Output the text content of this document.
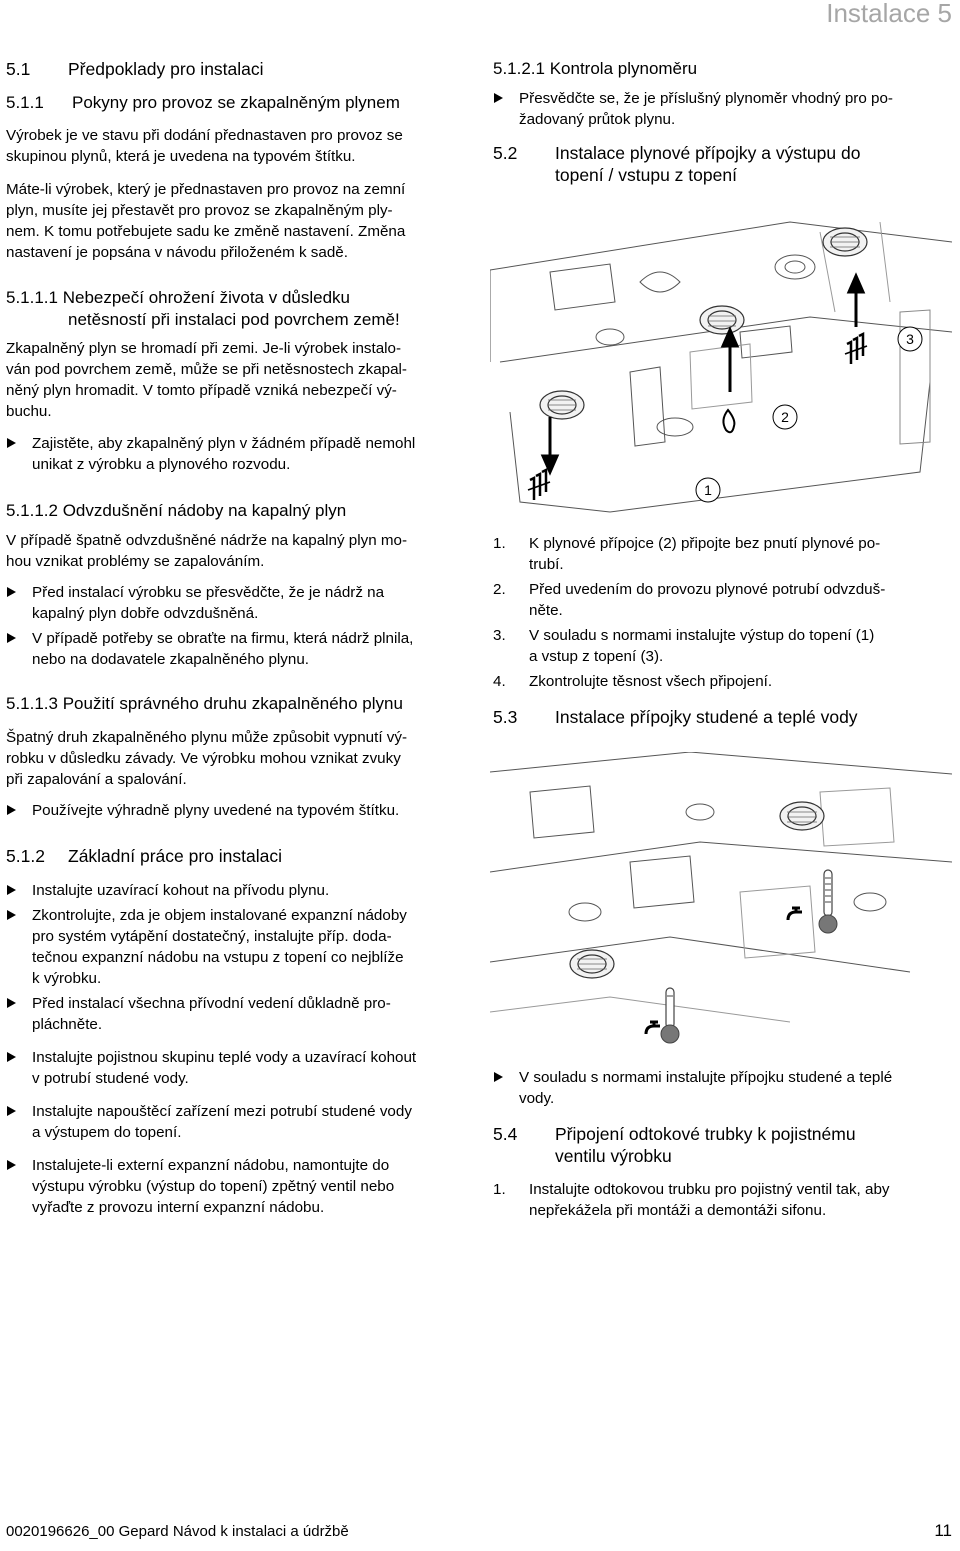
Instalace 5
5.1	Předpoklady pro instalaci
5.1.1	Pokyny pro provoz se zkapalněným plynem

Výrobek je ve stavu při dodání přednastaven pro provoz se
skupinou plynů, která je uvedena na typovém štítku.

Máte-li výrobek, který je přednastaven pro provoz na zemní
plyn, musíte jej přestavět pro provoz se zkapalněným ply-
nem. K tomu potřebujete sadu ke změně nastavení. Změna
nastavení je popsána v návodu přiloženém k sadě.

5.1.1.1 Nebezpečí ohrožení života v důsledku
netěsností při instalaci pod povrchem země!

Zkapalněný plyn se hromadí při zemi. Je-li výrobek instalo-
ván pod povrchem země, může se při netěsnostech zkapal-
něný plyn hromadit. V tomto případě vzniká nebezpečí vý-
buchu.

Zajistěte, aby zkapalněný plyn v žádném případě nemohl
unikat z výrobku a plynového rozvodu.
5.1.1.2 Odvzdušnění nádoby na kapalný plyn

V případě špatně odvzdušněné nádrže na kapalný plyn mo-
hou vznikat problémy se zapalováním.

Před instalací výrobku se přesvědčte, že je nádrž na
kapalný plyn dobře odvzdušněná.
V případě potřeby se obraťte na firmu, která nádrž plnila,
nebo na dodavatele zkapalněného plynu.
5.1.1.3 Použití správného druhu zkapalněného plynu

Špatný druh zkapalněného plynu může způsobit vypnutí vý-
robku v důsledku závady. Ve výrobku mohou vznikat zvuky
při zapalování a spalování.

Používejte výhradně plyny uvedené na typovém štítku.
5.1.2	Základní práce pro instalaci
Instalujte uzavírací kohout na přívodu plynu.
Zkontrolujte, zda je objem instalované expanzní nádoby
pro systém vytápění dostatečný, instalujte příp. doda-
tečnou expanzní nádobu na vstupu z topení co nejblíže
k výrobku.
Před instalací všechna přívodní vedení důkladně pro-
pláchněte.
Instalujte pojistnou skupinu teplé vody a uzavírací kohout
v potrubí studené vody.
Instalujte napouštěcí zařízení mezi potrubí studené vody
a výstupem do topení.
Instalujete-li externí expanzní nádobu, namontujte do
výstupu výrobku (výstup do topení) zpětný ventil nebo
vyřaďte z provozu interní expanzní nádobu.
5.1.2.1 Kontrola plynoměru
Přesvědčte se, že je příslušný plynoměr vhodný pro po-
žadovaný průtok plynu.
5.2	Instalace plynové přípojky a výstupu do
topení / vstupu z topení
1
2
3
1. K plynové přípojce (2) připojte bez pnutí plynové po-
trubí.
2. Před uvedením do provozu plynové potrubí odvzduš-
něte.
3. V souladu s normami instalujte výstup do topení (1)
a vstup z topení (3).
4. Zkontrolujte těsnost všech připojení.
5.3	Instalace přípojky studené a teplé vody
V souladu s normami instalujte přípojku studené a teplé
vody.
5.4	Připojení odtokové trubky k pojistnému
ventilu výrobku
1. Instalujte odtokovou trubku pro pojistný ventil tak, aby
nepřekážela při montáži a demontáži sifonu.
0020196626_00 Gepard Návod k instalaci a údržbě	11
